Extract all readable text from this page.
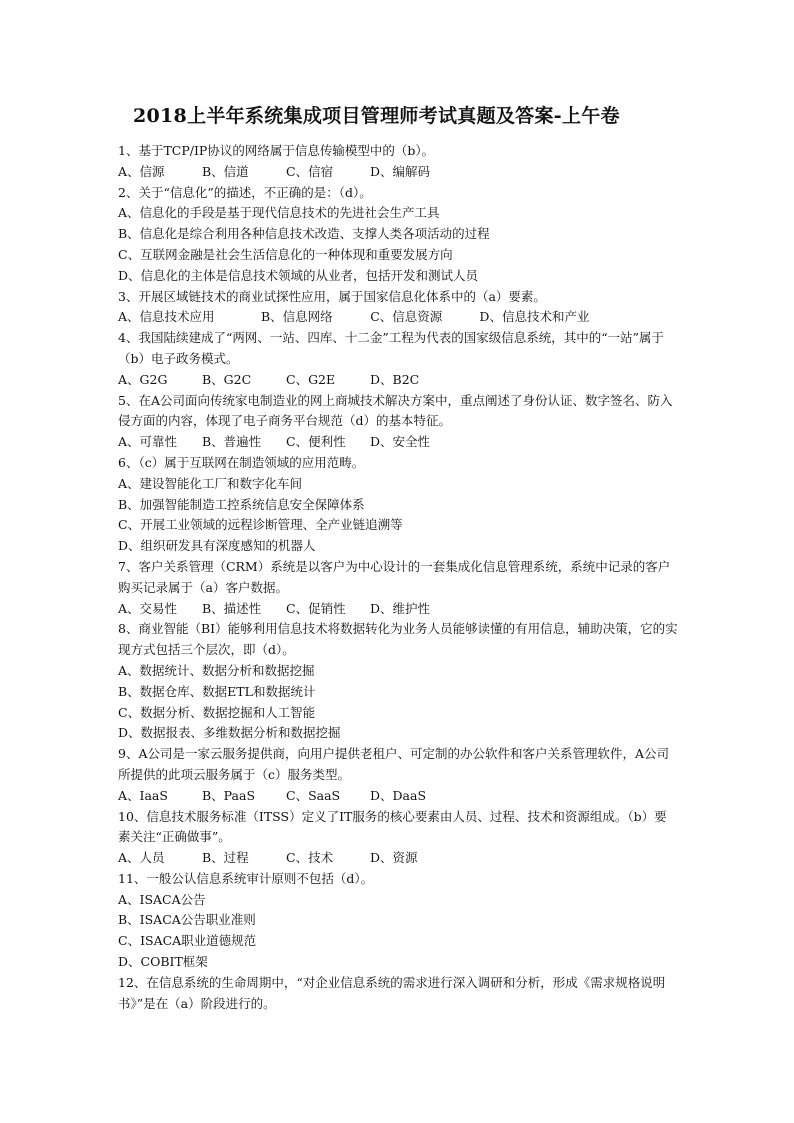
2018上半年系统集成项目管理师考试真题及答案-上午卷

1、基于TCP/IP协议的网络属于信息传输模型中的（b）。

A、信源	B、信道	C、信宿	D、编解码

2、关于“信息化”的描述，不正确的是：（d）。

A、信息化的手段是基于现代信息技术的先进社会生产工具
B、信息化是综合利用各种信息技术改造、支撑人类各项活动的过程
C、互联网金融是社会生活信息化的一种体现和重要发展方向
D、信息化的主体是信息技术领域的从业者，包括开发和测试人员

3、开展区域链技术的商业试探性应用，属于国家信息化体系中的（a）要素。

A、信息技术应用	B、信息网络	C、信息资源	D、信息技术和产业

4、我国陆续建成了“两网、一站、四库、十二金”工程为代表的国家级信息系统，其中的“一站”属于（b）电子政务模式。

A、G2G	B、G2C	C、G2E	D、B2C

5、在A公司面向传统家电制造业的网上商城技术解决方案中，重点阐述了身份认证、数字签名、防入侵方面的内容，体现了电子商务平台规范（d）的基本特征。

A、可靠性	B、普遍性	C、便利性	D、安全性

6、（c）属于互联网在制造领域的应用范畴。

A、建设智能化工厂和数字化车间
B、加强智能制造工控系统信息安全保障体系
C、开展工业领域的远程诊断管理、全产业链追溯等
D、组织研发具有深度感知的机器人

7、客户关系管理（CRM）系统是以客户为中心设计的一套集成化信息管理系统，系统中记录的客户购买记录属于（a）客户数据。

A、交易性	B、描述性	C、促销性	D、维护性

8、商业智能（BI）能够利用信息技术将数据转化为业务人员能够读懂的有用信息，辅助决策，它的实现方式包括三个层次，即（d）。

A、数据统计、数据分析和数据挖掘
B、数据仓库、数据ETL和数据统计
C、数据分析、数据挖掘和人工智能
D、数据报表、多维数据分析和数据挖掘

9、A公司是一家云服务提供商，向用户提供老租户、可定制的办公软件和客户关系管理软件，A公司所提供的此项云服务属于（c）服务类型。

A、IaaS	B、PaaS	C、SaaS	D、DaaS

10、信息技术服务标准（ITSS）定义了IT服务的核心要素由人员、过程、技术和资源组成。（b）要素关注“正确做事”。

A、人员	B、过程	C、技术	D、资源

11、一般公认信息系统审计原则不包括（d）。

A、ISACA公告
B、ISACA公告职业准则
C、ISACA职业道德规范
D、COBIT框架

12、在信息系统的生命周期中，“对企业信息系统的需求进行深入调研和分析，形成《需求规格说明书》”是在（a）阶段进行的。
